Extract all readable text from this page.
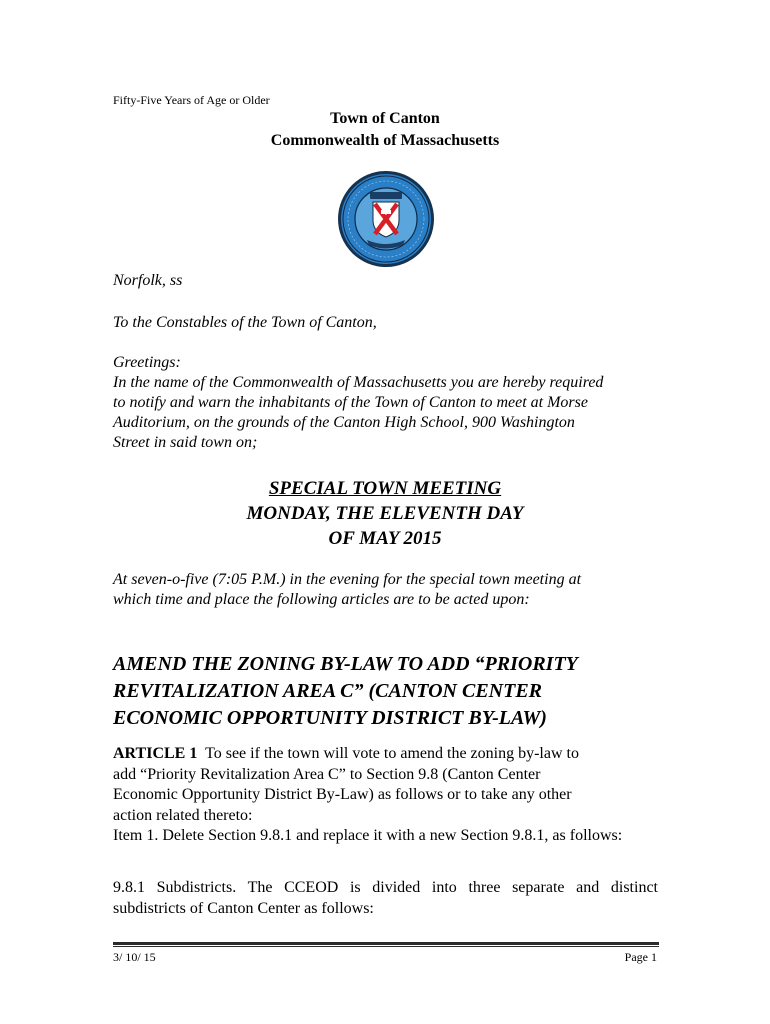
Fifty-Five Years of Age or Older
Town of Canton
Commonwealth of Massachusetts
Norfolk, ss
To the Constables of the Town of Canton,
Greetings:
In the name of the Commonwealth of Massachusetts you are hereby required
to notify and warn the inhabitants of the Town of Canton to meet at Morse
Auditorium, on the grounds of the Canton High School, 900 Washington
Street in said town on;
SPECIAL TOWN MEETING
MONDAY, THE ELEVENTH DAY
OF MAY 2015
At seven-o-five (7:05 P.M.) in the evening for the special town meeting at
which time and place the following articles are to be acted upon:
AMEND THE ZONING BY-LAW TO ADD “PRIORITY
REVITALIZATION AREA C” (CANTON CENTER
ECONOMIC OPPORTUNITY DISTRICT BY-LAW)
ARTICLE 1 To see if the town will vote to amend the zoning by-law to
add “Priority Revitalization Area C” to Section 9.8 (Canton Center
Economic Opportunity District By-Law) as follows or to take any other
action related thereto:
Item 1. Delete Section 9.8.1 and replace it with a new Section 9.8.1, as follows:
9.8.1 Subdistricts. The CCEOD is divided into three separate and distinct subdistricts of Canton Center as follows:
3/ 10/ 15	Page 1
